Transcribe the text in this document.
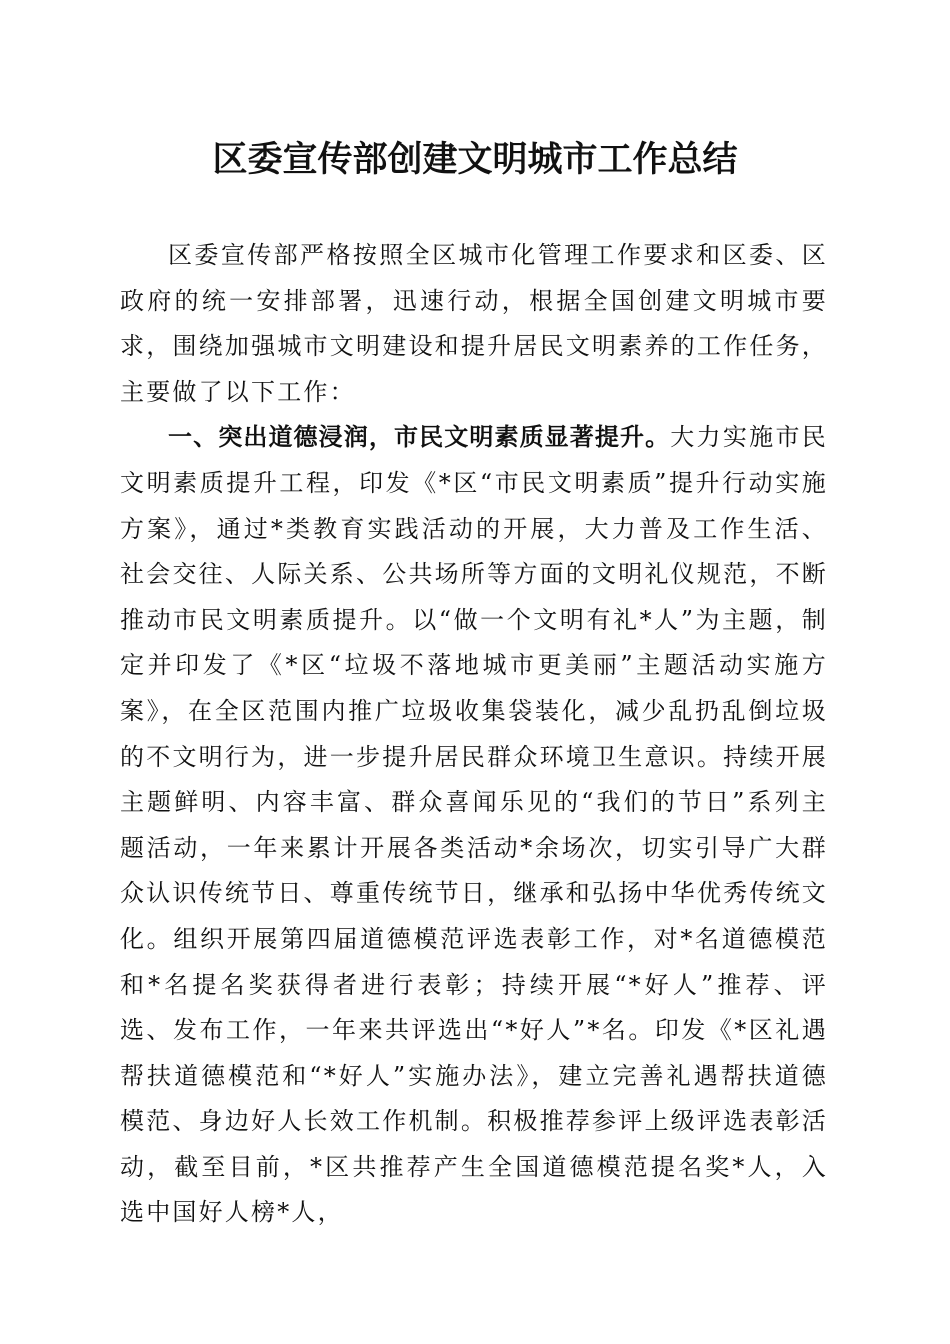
区委宣传部创建文明城市工作总结

区委宣传部严格按照全区城市化管理工作要求和区委、区政府的统一安排部署，迅速行动，根据全国创建文明城市要求，围绕加强城市文明建设和提升居民文明素养的工作任务，主要做了以下工作：

一、突出道德浸润，市民文明素质显著提升。大力实施市民文明素质提升工程，印发《*区“市民文明素质”提升行动实施方案》，通过*类教育实践活动的开展，大力普及工作生活、社会交往、人际关系、公共场所等方面的文明礼仪规范，不断推动市民文明素质提升。以“做一个文明有礼*人”为主题，制定并印发了《*区“垃圾不落地城市更美丽”主题活动实施方案》，在全区范围内推广垃圾收集袋装化，减少乱扔乱倒垃圾的不文明行为，进一步提升居民群众环境卫生意识。持续开展主题鲜明、内容丰富、群众喜闻乐见的“我们的节日”系列主题活动，一年来累计开展各类活动*余场次，切实引导广大群众认识传统节日、尊重传统节日，继承和弘扬中华优秀传统文化。组织开展第四届道德模范评选表彰工作，对*名道德模范和*名提名奖获得者进行表彰；持续开展“*好人”推荐、评选、发布工作，一年来共评选出“*好人”*名。印发《*区礼遇帮扶道德模范和“*好人”实施办法》，建立完善礼遇帮扶道德模范、身边好人长效工作机制。积极推荐参评上级评选表彰活动，截至目前，*区共推荐产生全国道德模范提名奖*人，入选中国好人榜*人，
